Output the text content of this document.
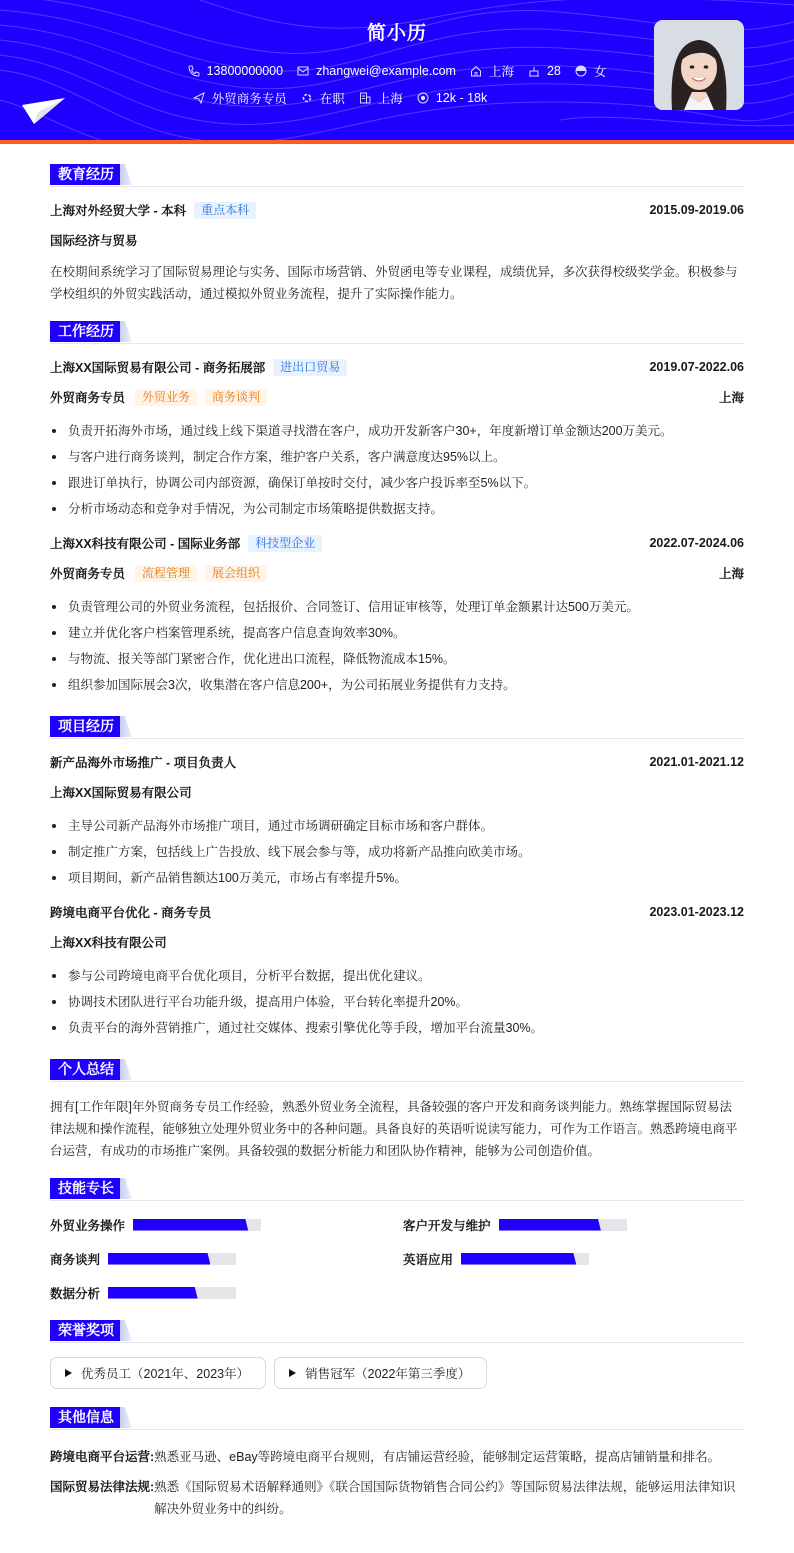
简小历
13800000000	zhangwei@example.com	上海	28	女
外贸商务专员	在职	上海	12k - 18k
教育经历
上海对外经贸大学 - 本科	重点本科	2015.09-2019.06
国际经济与贸易
在校期间系统学习了国际贸易理论与实务、国际市场营销、外贸函电等专业课程，成绩优异，多次获得校级奖学金。积极参与学校组织的外贸实践活动，通过模拟外贸业务流程，提升了实际操作能力。
工作经历
上海XX国际贸易有限公司 - 商务拓展部	进出口贸易	2019.07-2022.06
外贸商务专员	外贸业务	商务谈判	上海
负责开拓海外市场，通过线上线下渠道寻找潜在客户，成功开发新客户30+，年度新增订单金额达200万美元。
与客户进行商务谈判，制定合作方案，维护客户关系，客户满意度达95%以上。
跟进订单执行，协调公司内部资源，确保订单按时交付，减少客户投诉率至5%以下。
分析市场动态和竞争对手情况，为公司制定市场策略提供数据支持。
上海XX科技有限公司 - 国际业务部	科技型企业	2022.07-2024.06
外贸商务专员	流程管理	展会组织	上海
负责管理公司的外贸业务流程，包括报价、合同签订、信用证审核等，处理订单金额累计达500万美元。
建立并优化客户档案管理系统，提高客户信息查询效率30%。
与物流、报关等部门紧密合作，优化进出口流程，降低物流成本15%。
组织参加国际展会3次，收集潜在客户信息200+，为公司拓展业务提供有力支持。
项目经历
新产品海外市场推广 - 项目负责人	2021.01-2021.12
上海XX国际贸易有限公司
主导公司新产品海外市场推广项目，通过市场调研确定目标市场和客户群体。
制定推广方案，包括线上广告投放、线下展会参与等，成功将新产品推向欧美市场。
项目期间，新产品销售额达100万美元，市场占有率提升5%。
跨境电商平台优化 - 商务专员	2023.01-2023.12
上海XX科技有限公司
参与公司跨境电商平台优化项目，分析平台数据，提出优化建议。
协调技术团队进行平台功能升级，提高用户体验，平台转化率提升20%。
负责平台的海外营销推广，通过社交媒体、搜索引擎优化等手段，增加平台流量30%。
个人总结
拥有[工作年限]年外贸商务专员工作经验，熟悉外贸业务全流程，具备较强的客户开发和商务谈判能力。熟练掌握国际贸易法律法规和操作流程，能够独立处理外贸业务中的各种问题。具备良好的英语听说读写能力，可作为工作语言。熟悉跨境电商平台运营，有成功的市场推广案例。具备较强的数据分析能力和团队协作精神，能够为公司创造价值。
技能专长
外贸业务操作	客户开发与维护
商务谈判	英语应用
数据分析
荣誉奖项
优秀员工（2021年、2023年）	销售冠军（2022年第三季度）
其他信息
跨境电商平台运营: 熟悉亚马逊、eBay等跨境电商平台规则，有店铺运营经验，能够制定运营策略，提高店铺销量和排名。
国际贸易法律法规: 熟悉《国际贸易术语解释通则》《联合国国际货物销售合同公约》等国际贸易法律法规，能够运用法律知识解决外贸业务中的纠纷。
